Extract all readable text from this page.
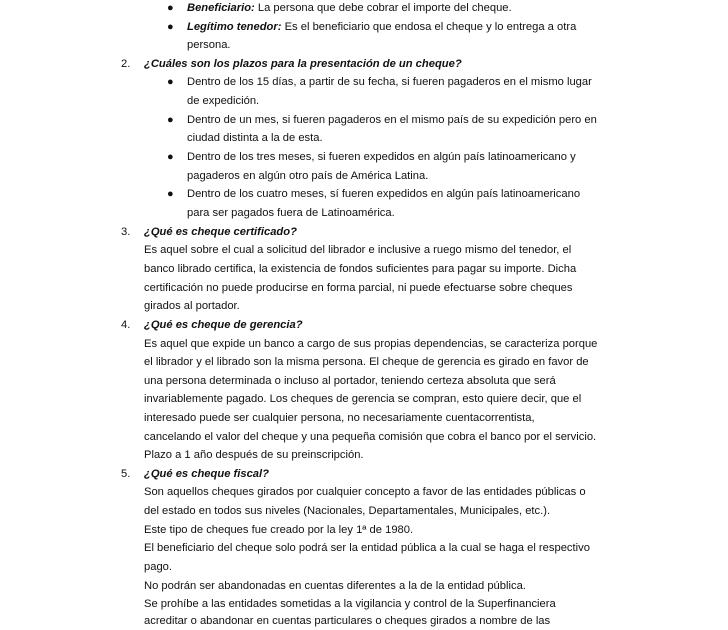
● Beneficiario: La persona que debe cobrar el importe del cheque.
● Legítimo tenedor: Es el beneficiario que endosa el cheque y lo entrega a otra
persona.
2. ¿Cuáles son los plazos para la presentación de un cheque?
● Dentro de los 15 días, a partir de su fecha, si fueren pagaderos en el mismo lugar
de expedición.
● Dentro de un mes, si fueren pagaderos en el mismo país de su expedición pero en
ciudad distinta a la de esta.
● Dentro de los tres meses, si fueren expedidos en algún país latinoamericano y
pagaderos en algún otro país de América Latina.
● Dentro de los cuatro meses, sí fueren expedidos en algún país latinoamericano
para ser pagados fuera de Latinoamérica.
3. ¿Qué es cheque certificado?
Es aquel sobre el cual a solicitud del librador e inclusive a ruego mismo del tenedor, el
banco librado certifica, la existencia de fondos suficientes para pagar su importe. Dicha
certificación no puede producirse en forma parcial, ni puede efectuarse sobre cheques
girados al portador.
4. ¿Qué es cheque de gerencia?
Es aquel que expide un banco a cargo de sus propias dependencias, se caracteriza porque
el librador y el librado son la misma persona. El cheque de gerencia es girado en favor de
una persona determinada o incluso al portador, teniendo certeza absoluta que será
invariablemente pagado. Los cheques de gerencia se compran, esto quiere decir, que el
interesado puede ser cualquier persona, no necesariamente cuentacorrentista,
cancelando el valor del cheque y una pequeña comisión que cobra el banco por el servicio.
Plazo a 1 año después de su preinscripción.
5. ¿Qué es cheque fiscal?
Son aquellos cheques girados por cualquier concepto a favor de las entidades públicas o
del estado en todos sus niveles (Nacionales, Departamentales, Municipales, etc.).
Este tipo de cheques fue creado por la ley 1ª de 1980.
El beneficiario del cheque solo podrá ser la entidad pública a la cual se haga el respectivo
pago.
No podrán ser abandonadas en cuentas diferentes a la de la entidad pública.
Se prohíbe a las entidades sometidas a la vigilancia y control de la Superfinanciera
acreditar o abandonar en cuentas particulares o cheques girados a nombre de las
